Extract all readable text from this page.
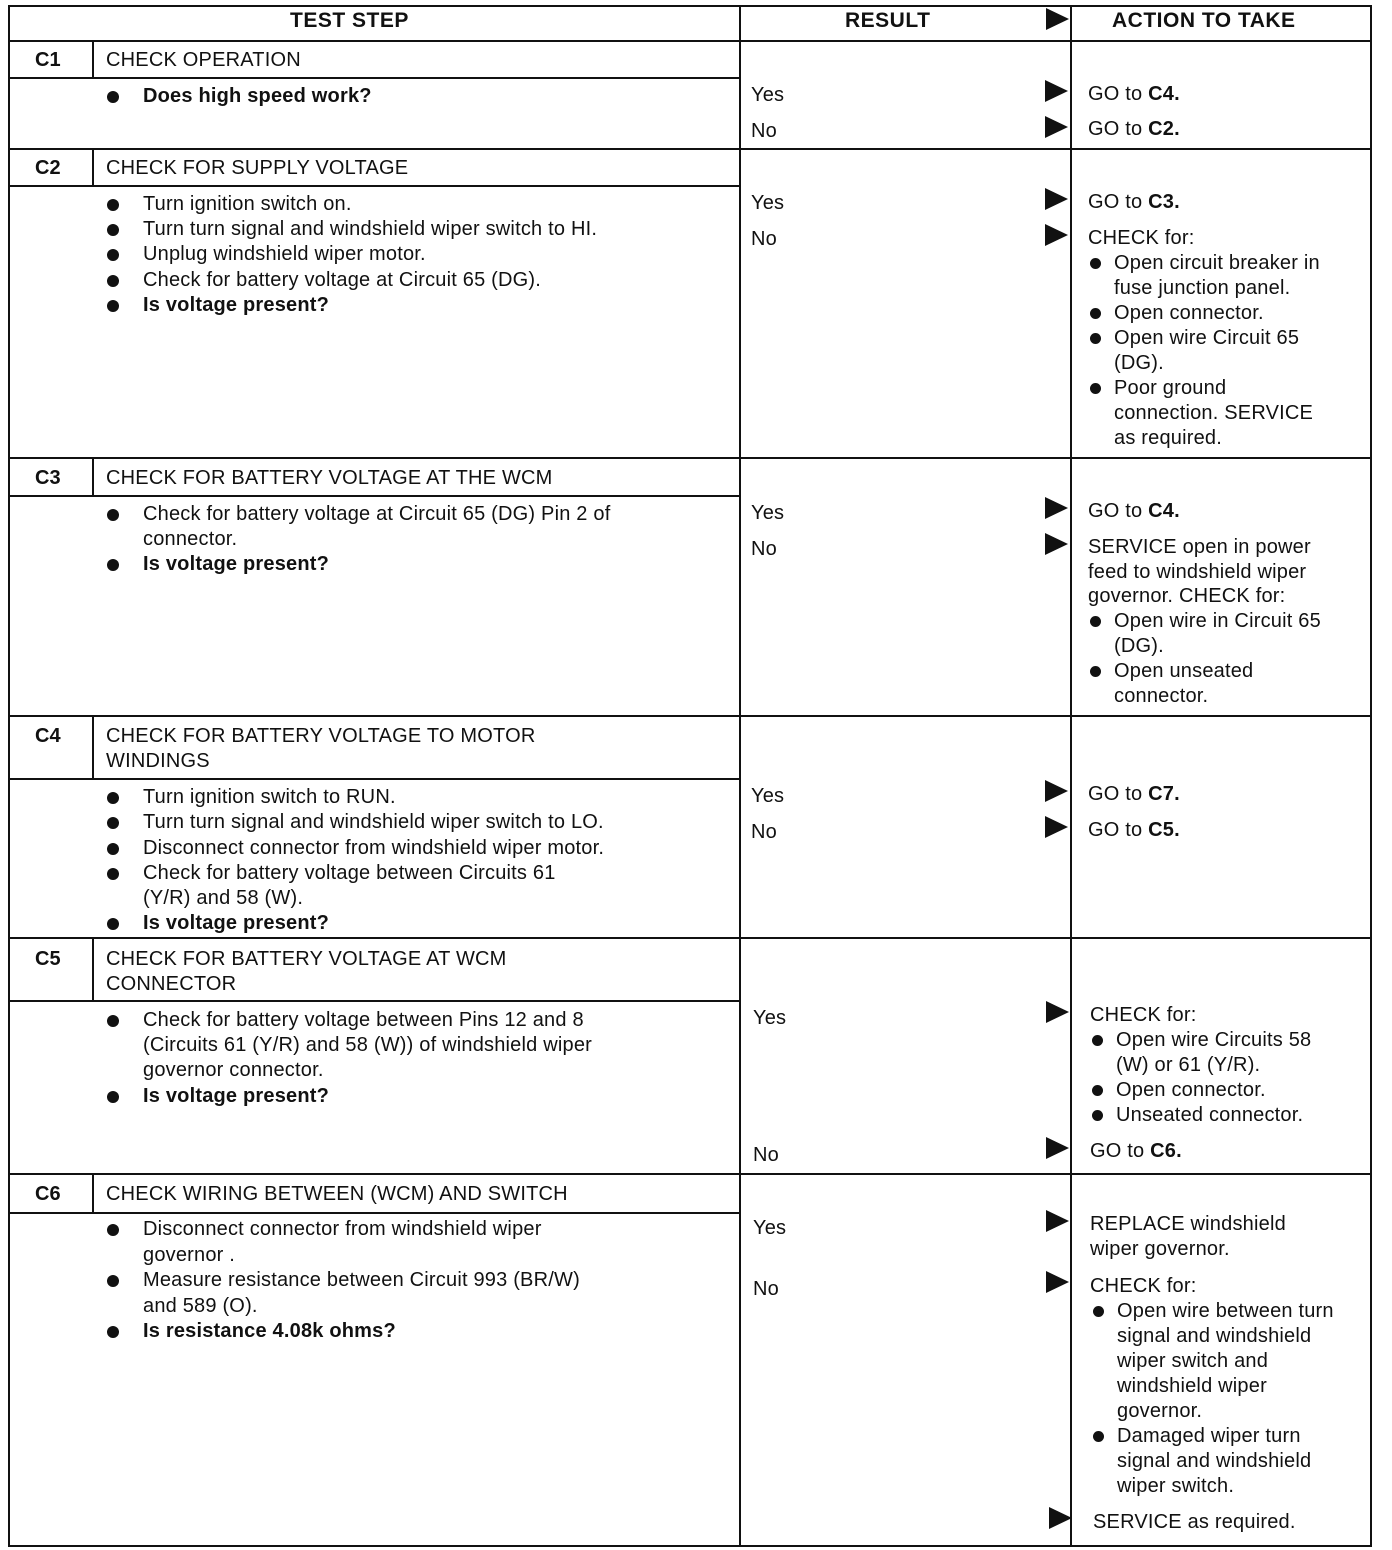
TEST STEP	RESULT	ACTION TO TAKE
C1 CHECK OPERATION
Does high speed work?	Yes	GO to C4.
No	GO to C2.
C2 CHECK FOR SUPPLY VOLTAGE
Turn ignition switch on.
Turn turn signal and windshield wiper switch to HI.
Unplug windshield wiper motor.
Check for battery voltage at Circuit 65 (DG).
Is voltage present?
Yes	GO to C3.
No	CHECK for:
Open circuit breaker in
fuse junction panel.
Open connector.
Open wire Circuit 65
(DG).
Poor ground
connection. SERVICE
as required.
C3 CHECK FOR BATTERY VOLTAGE AT THE WCM
Check for battery voltage at Circuit 65 (DG) Pin 2 of
connector.
Is voltage present?
Yes	GO to C4.
No	SERVICE open in power
feed to windshield wiper
governor. CHECK for:
Open wire in Circuit 65
(DG).
Open unseated
connector.
C4 CHECK FOR BATTERY VOLTAGE TO MOTOR
WINDINGS
Turn ignition switch to RUN.
Turn turn signal and windshield wiper switch to LO.
Disconnect connector from windshield wiper motor.
Check for battery voltage between Circuits 61
(Y/R) and 58 (W).
Is voltage present?
Yes	GO to C7.
No	GO to C5.
C5 CHECK FOR BATTERY VOLTAGE AT WCM
CONNECTOR
Check for battery voltage between Pins 12 and 8
(Circuits 61 (Y/R) and 58 (W)) of windshield wiper
governor connector.
Is voltage present?
Yes	CHECK for:
Open wire Circuits 58
(W) or 61 (Y/R).
Open connector.
Unseated connector.
No	GO to C6.
C6 CHECK WIRING BETWEEN (WCM) AND SWITCH
Disconnect connector from windshield wiper
governor .
Measure resistance between Circuit 993 (BR/W)
and 589 (O).
Is resistance 4.08k ohms?
Yes	REPLACE windshield
wiper governor.
No	CHECK for:
Open wire between turn
signal and windshield
wiper switch and
windshield wiper
governor.
Damaged wiper turn
signal and windshield
wiper switch.
SERVICE as required.
